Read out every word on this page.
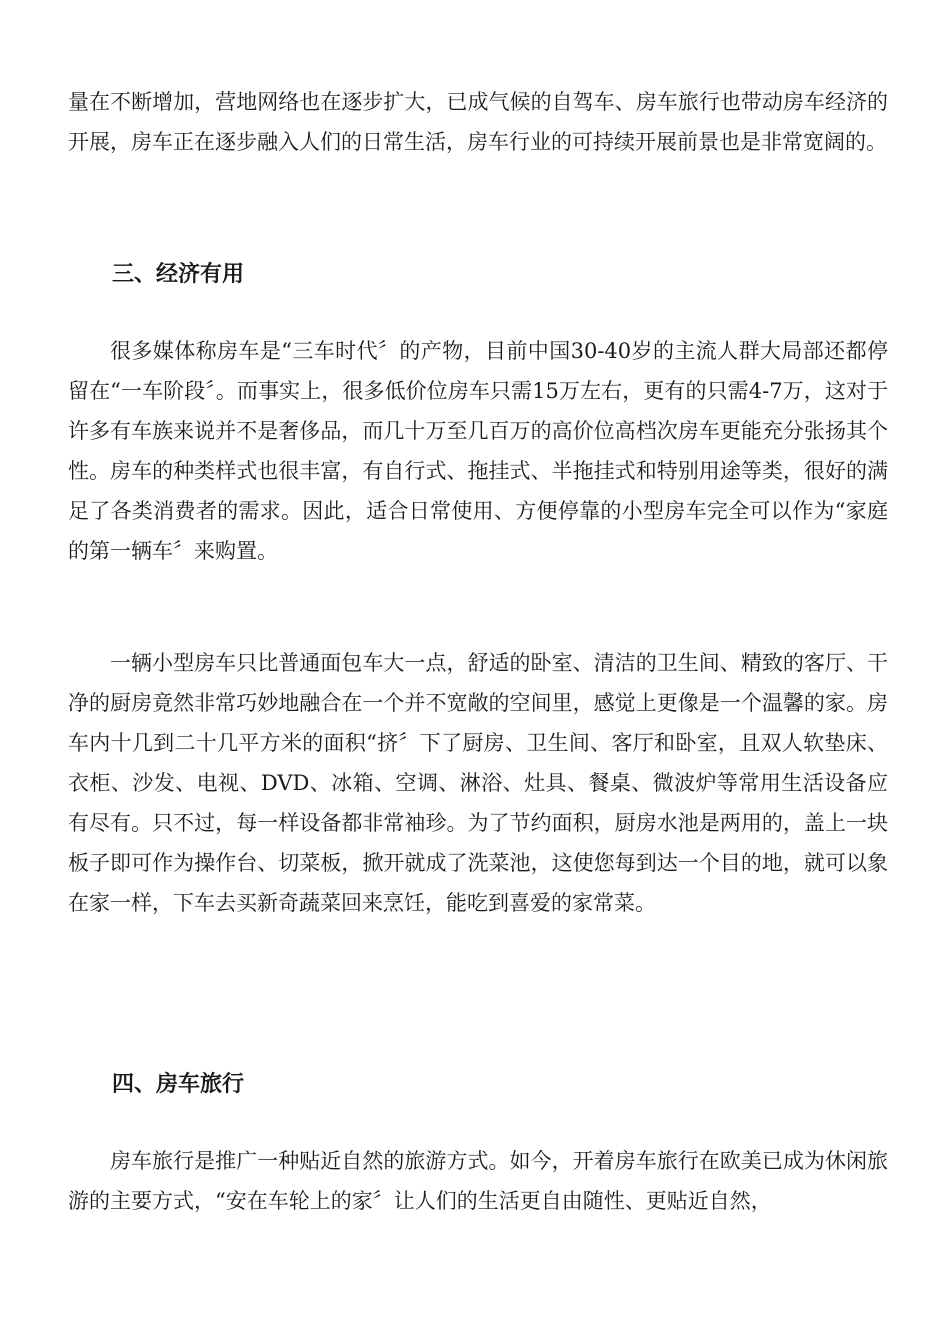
量在不断增加，营地网络也在逐步扩大，已成气候的自驾车、房车旅行也带动房车经济的开展，房车正在逐步融入人们的日常生活，房车行业的可持续开展前景也是非常宽阔的。

三、经济有用

很多媒体称房车是“三车时代〞的产物，目前中国30-40岁的主流人群大局部还都停留在“一车阶段〞。而事实上，很多低价位房车只需15万左右，更有的只需4-7万，这对于许多有车族来说并不是奢侈品，而几十万至几百万的高价位高档次房车更能充分张扬其个性。房车的种类样式也很丰富，有自行式、拖挂式、半拖挂式和特别用途等类，很好的满足了各类消费者的需求。因此，适合日常使用、方便停靠的小型房车完全可以作为“家庭的第一辆车〞来购置。

一辆小型房车只比普通面包车大一点，舒适的卧室、清洁的卫生间、精致的客厅、干净的厨房竟然非常巧妙地融合在一个并不宽敞的空间里，感觉上更像是一个温馨的家。房车内十几到二十几平方米的面积“挤〞下了厨房、卫生间、客厅和卧室，且双人软垫床、衣柜、沙发、电视、DVD、冰箱、空调、淋浴、灶具、餐桌、微波炉等常用生活设备应有尽有。只不过，每一样设备都非常袖珍。为了节约面积，厨房水池是两用的，盖上一块板子即可作为操作台、切菜板，掀开就成了洗菜池，这使您每到达一个目的地，就可以象在家一样，下车去买新奇蔬菜回来烹饪，能吃到喜爱的家常菜。

四、房车旅行

房车旅行是推广一种贴近自然的旅游方式。如今，开着房车旅行在欧美已成为休闲旅游的主要方式，“安在车轮上的家〞让人们的生活更自由随性、更贴近自然，
